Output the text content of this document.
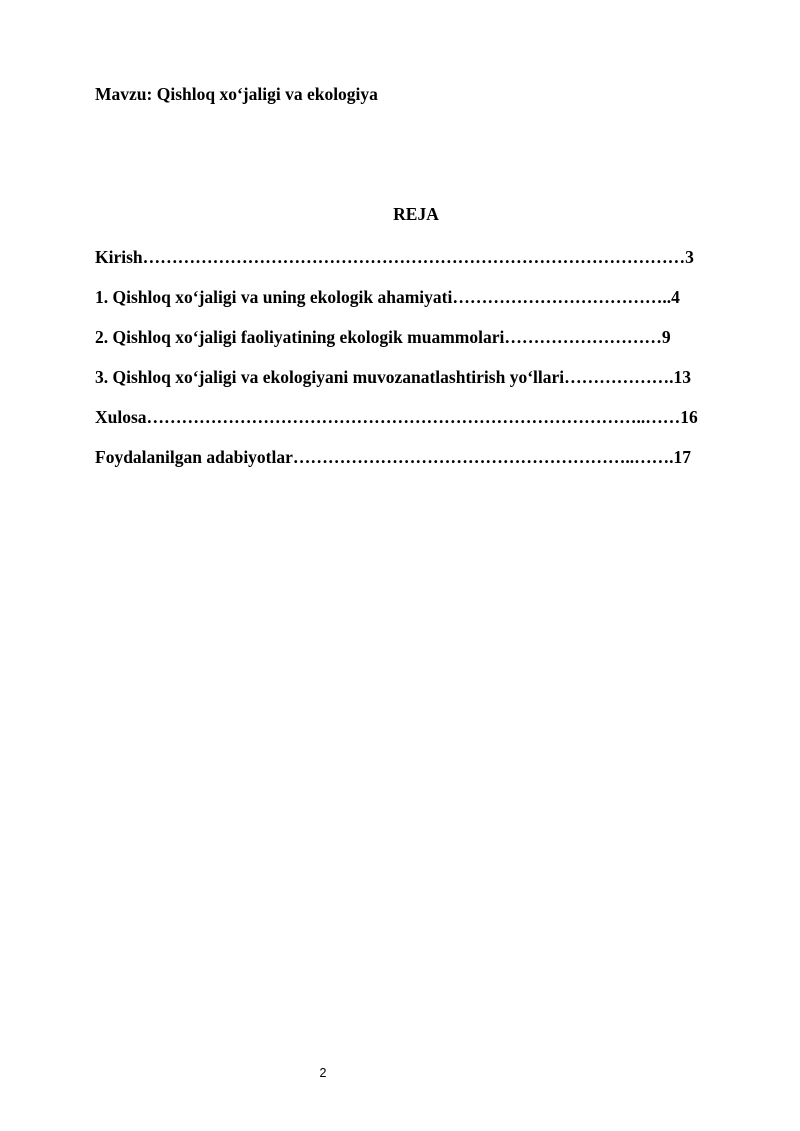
Mavzu: Qishloq xo‘jaligi va ekologiya
REJA
Kirish…………………………………………………………………………………3
1. Qishloq xo‘jaligi va uning ekologik ahamiyati………………………………..4
2. Qishloq xo‘jaligi faoliyatining ekologik muammolari………………………9
3. Qishloq xo‘jaligi va ekologiyani muvozanatlashtirish yo‘llari……………….13
Xulosa…………………………………………………………………………..……16
Foydalanilgan adabiyotlar…………………………………………………..…….17
2
